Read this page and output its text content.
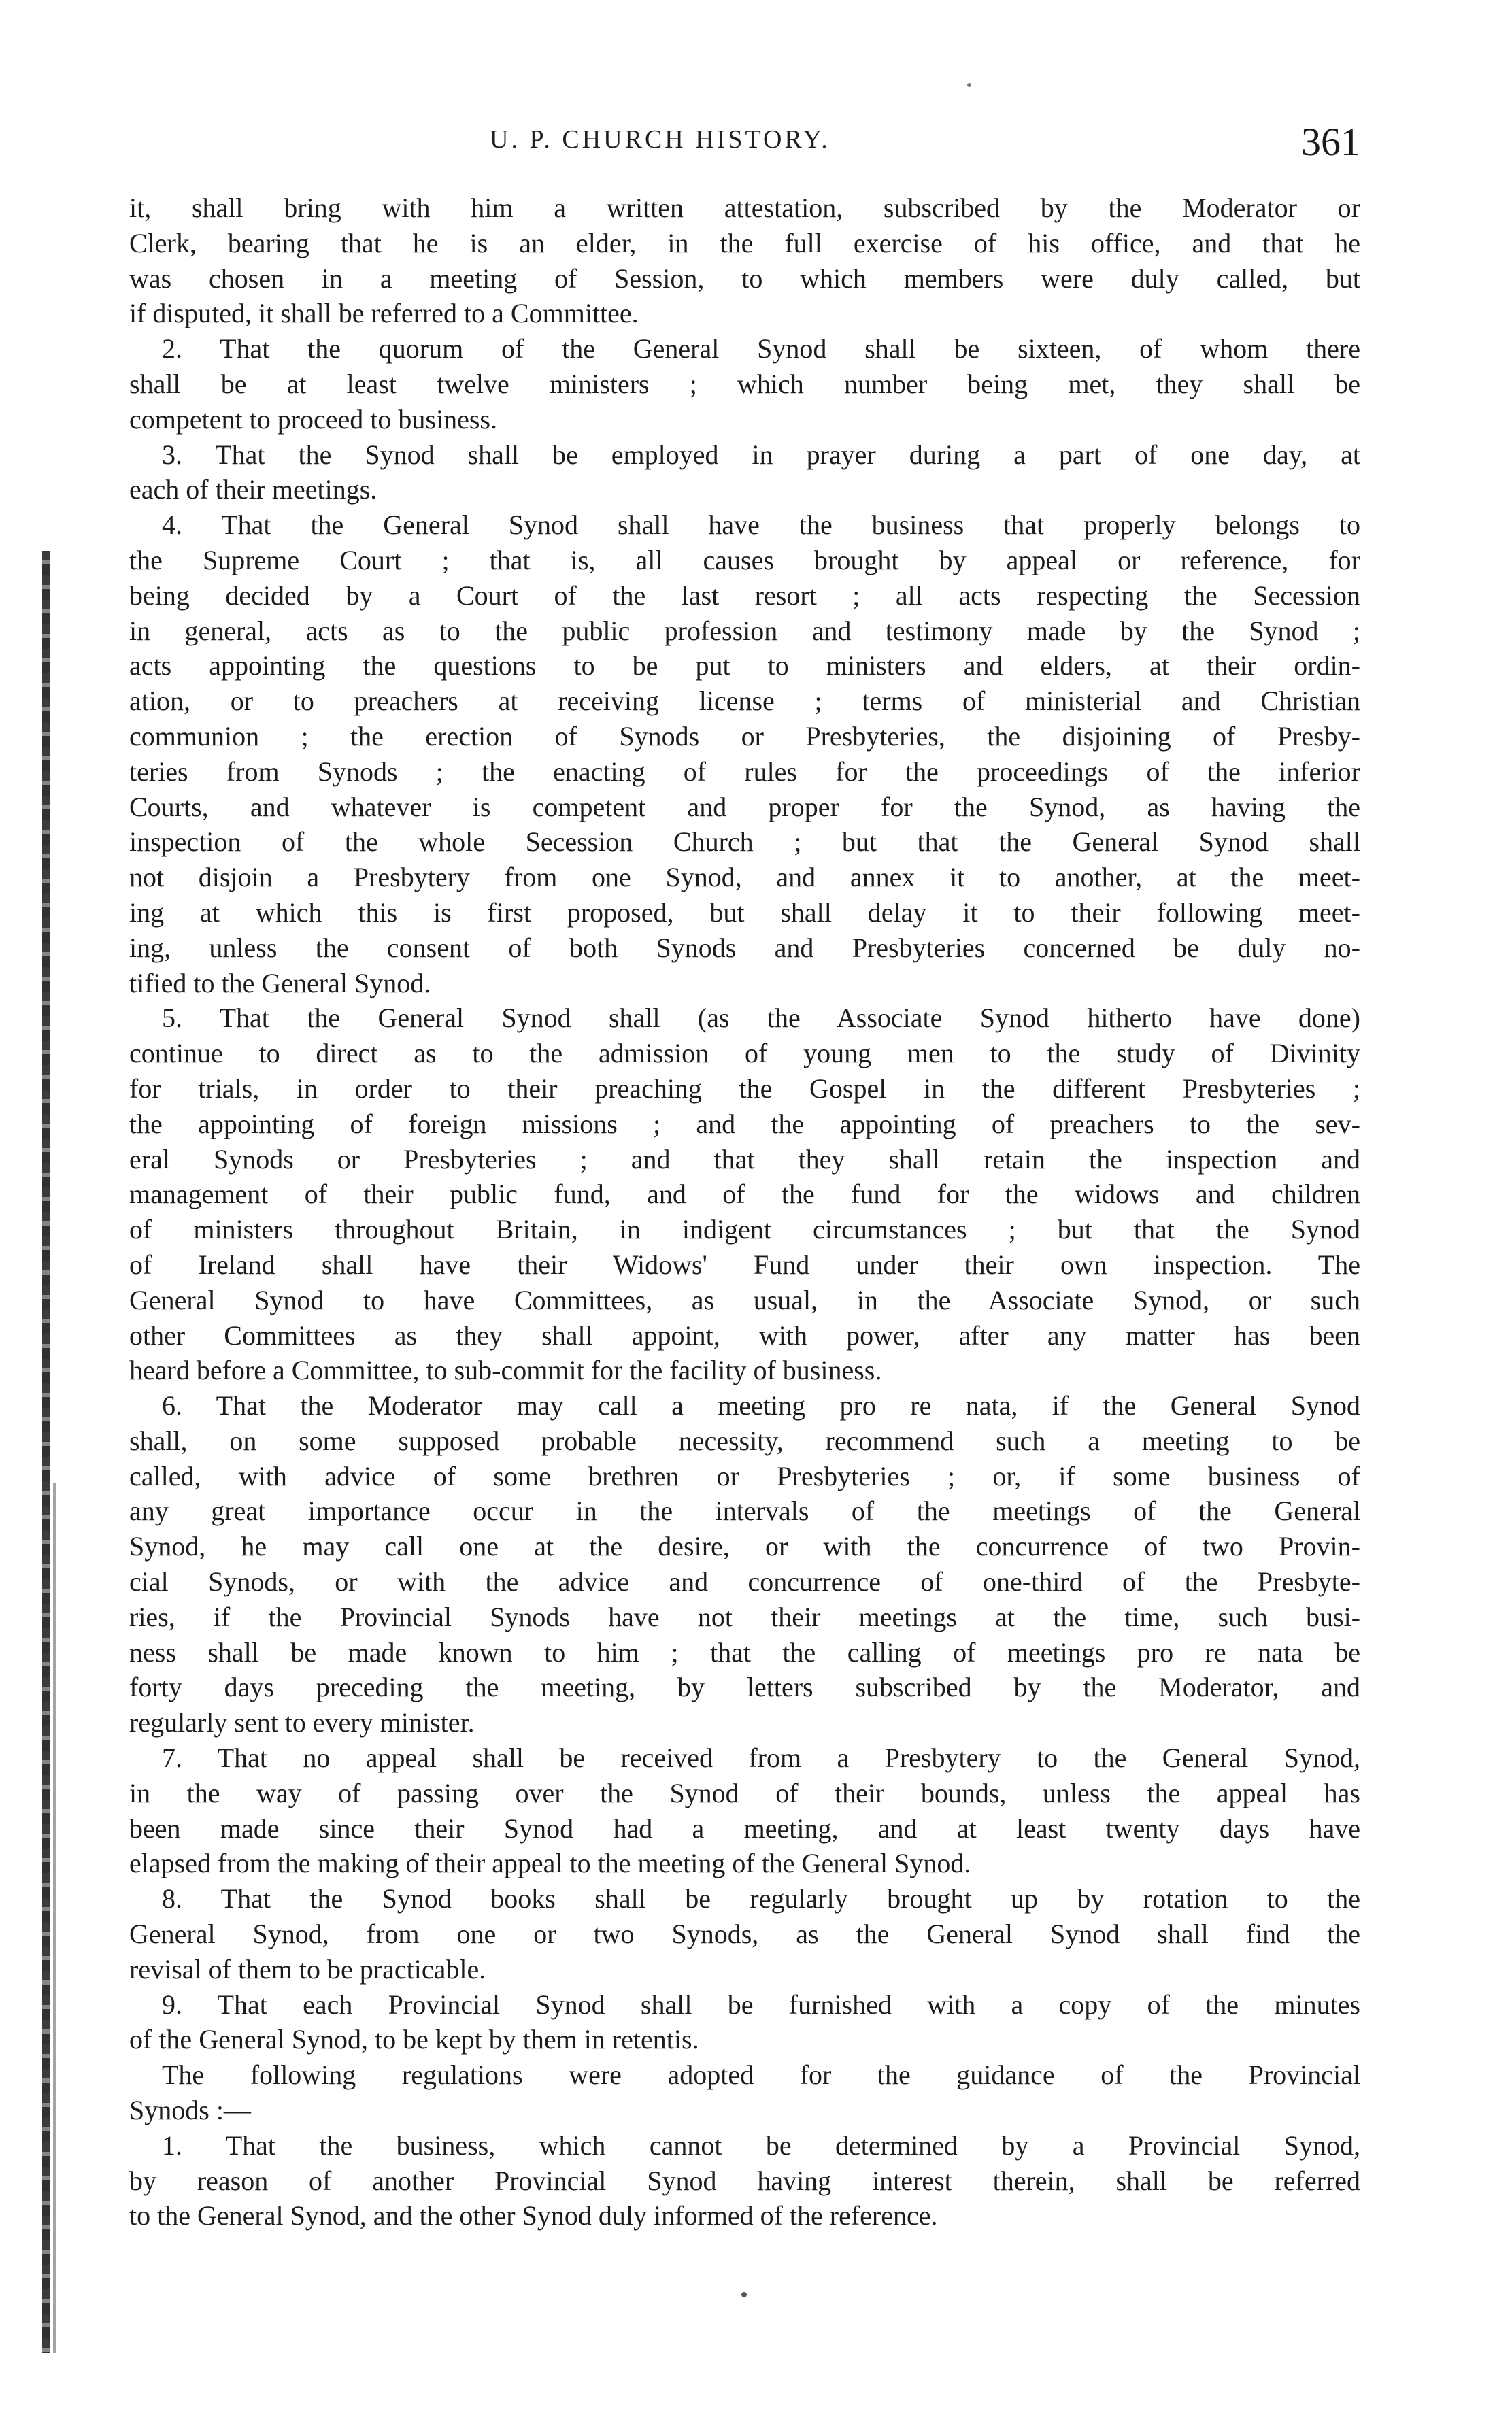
U. P. CHURCH HISTORY.	361
it, shall bring with him a written attestation, subscribed by the Moderator or
Clerk, bearing that he is an elder, in the full exercise of his office, and that he
was chosen in a meeting of Session, to which members were duly called, but
if disputed, it shall be referred to a Committee.
2. That the quorum of the General Synod shall be sixteen, of whom there
shall be at least twelve ministers ; which number being met, they shall be
competent to proceed to business.
3. That the Synod shall be employed in prayer during a part of one day, at
each of their meetings.
4. That the General Synod shall have the business that properly belongs to
the Supreme Court ; that is, all causes brought by appeal or reference, for
being decided by a Court of the last resort ; all acts respecting the Secession
in general, acts as to the public profession and testimony made by the Synod ;
acts appointing the questions to be put to ministers and elders, at their ordin-
ation, or to preachers at receiving license ; terms of ministerial and Christian
communion ; the erection of Synods or Presbyteries, the disjoining of Presby-
teries from Synods ; the enacting of rules for the proceedings of the inferior
Courts, and whatever is competent and proper for the Synod, as having the
inspection of the whole Secession Church ; but that the General Synod shall
not disjoin a Presbytery from one Synod, and annex it to another, at the meet-
ing at which this is first proposed, but shall delay it to their following meet-
ing, unless the consent of both Synods and Presbyteries concerned be duly no-
tified to the General Synod.
5. That the General Synod shall (as the Associate Synod hitherto have done)
continue to direct as to the admission of young men to the study of Divinity
for trials, in order to their preaching the Gospel in the different Presbyteries ;
the appointing of foreign missions ; and the appointing of preachers to the sev-
eral Synods or Presbyteries ; and that they shall retain the inspection and
management of their public fund, and of the fund for the widows and children
of ministers throughout Britain, in indigent circumstances ; but that the Synod
of Ireland shall have their Widows' Fund under their own inspection. The
General Synod to have Committees, as usual, in the Associate Synod, or such
other Committees as they shall appoint, with power, after any matter has been
heard before a Committee, to sub-commit for the facility of business.
6. That the Moderator may call a meeting pro re nata, if the General Synod
shall, on some supposed probable necessity, recommend such a meeting to be
called, with advice of some brethren or Presbyteries ; or, if some business of
any great importance occur in the intervals of the meetings of the General
Synod, he may call one at the desire, or with the concurrence of two Provin-
cial Synods, or with the advice and concurrence of one-third of the Presbyte-
ries, if the Provincial Synods have not their meetings at the time, such busi-
ness shall be made known to him ; that the calling of meetings pro re nata be
forty days preceding the meeting, by letters subscribed by the Moderator, and
regularly sent to every minister.
7. That no appeal shall be received from a Presbytery to the General Synod,
in the way of passing over the Synod of their bounds, unless the appeal has
been made since their Synod had a meeting, and at least twenty days have
elapsed from the making of their appeal to the meeting of the General Synod.
8. That the Synod books shall be regularly brought up by rotation to the
General Synod, from one or two Synods, as the General Synod shall find the
revisal of them to be practicable.
9. That each Provincial Synod shall be furnished with a copy of the minutes
of the General Synod, to be kept by them in retentis.
The following regulations were adopted for the guidance of the Provincial
Synods :—
1. That the business, which cannot be determined by a Provincial Synod,
by reason of another Provincial Synod having interest therein, shall be referred
to the General Synod, and the other Synod duly informed of the reference.
